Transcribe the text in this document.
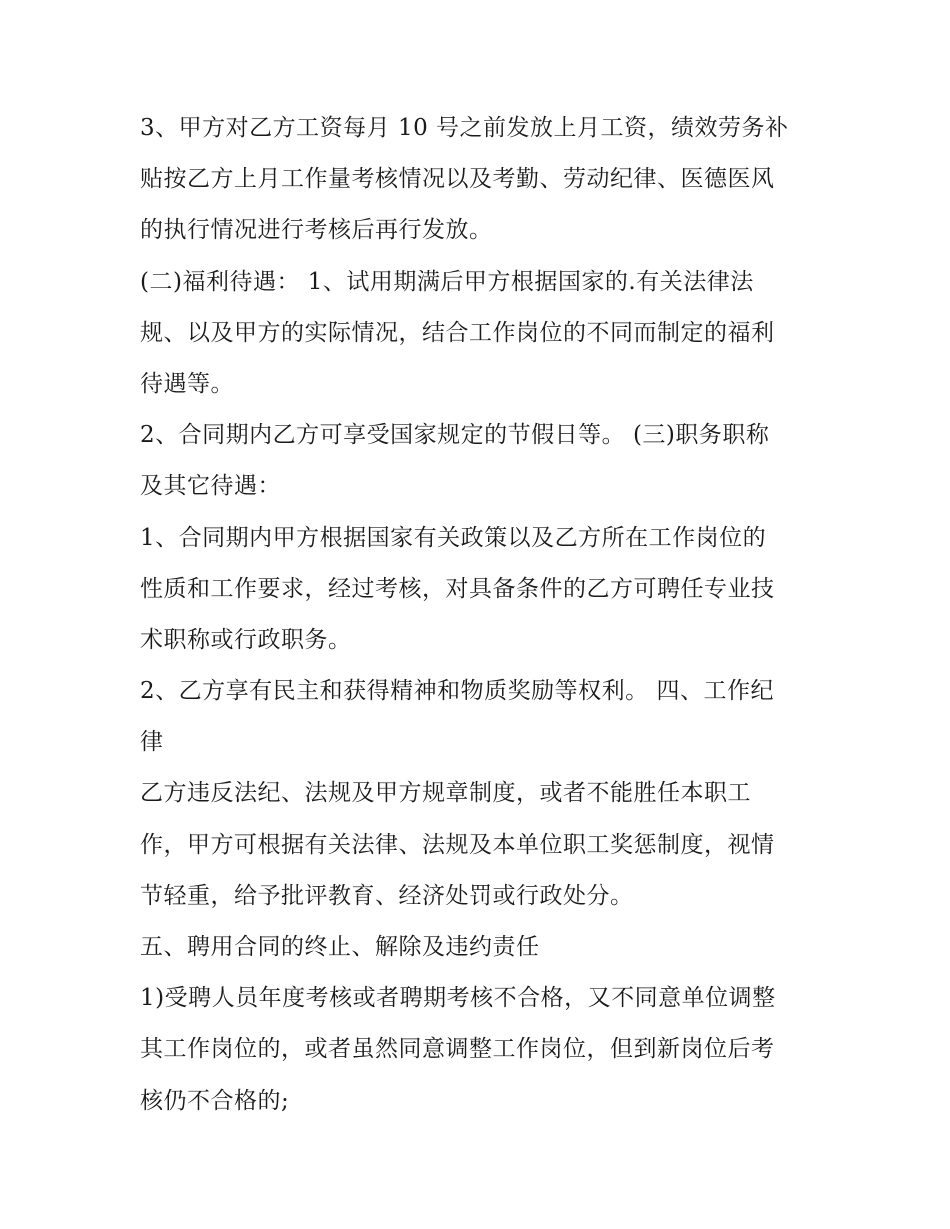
3、甲方对乙方工资每月 10 号之前发放上月工资，绩效劳务补
贴按乙方上月工作量考核情况以及考勤、劳动纪律、医德医风
的执行情况进行考核后再行发放。
(二)福利待遇： 1、试用期满后甲方根据国家的.有关法律法
规、以及甲方的实际情况，结合工作岗位的不同而制定的福利
待遇等。
2、合同期内乙方可享受国家规定的节假日等。 (三)职务职称
及其它待遇：
1、合同期内甲方根据国家有关政策以及乙方所在工作岗位的
性质和工作要求，经过考核，对具备条件的乙方可聘任专业技
术职称或行政职务。
2、乙方享有民主和获得精神和物质奖励等权利。 四、工作纪
律
乙方违反法纪、法规及甲方规章制度，或者不能胜任本职工
作，甲方可根据有关法律、法规及本单位职工奖惩制度，视情
节轻重，给予批评教育、经济处罚或行政处分。
五、聘用合同的终止、解除及违约责任
1)受聘人员年度考核或者聘期考核不合格，又不同意单位调整
其工作岗位的，或者虽然同意调整工作岗位，但到新岗位后考
核仍不合格的;
